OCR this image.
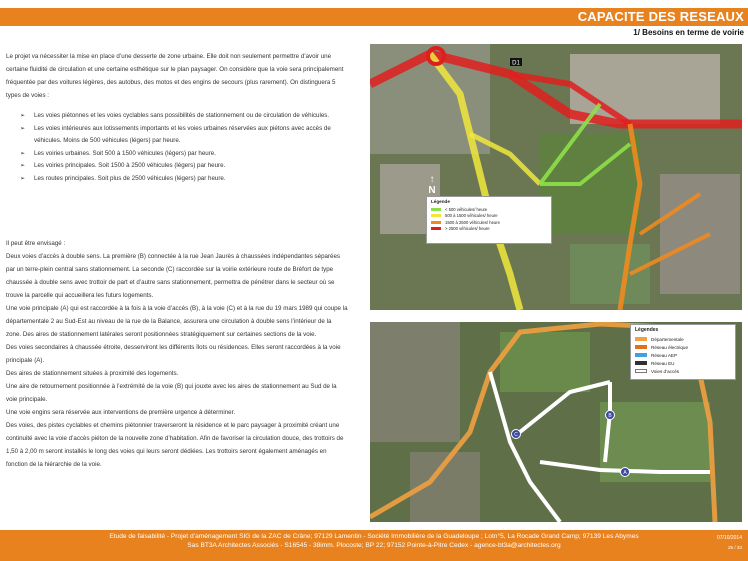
CAPACITE DES RESEAUX
1/ Besoins en terme de voirie

Le projet va nécessiter la mise en place d’une desserte de zone urbaine. Elle doit non seulement permettre d’avoir une certaine fluidité de circulation et une certaine esthétique sur le plan paysager. On considère que la voie sera principalement fréquentée par des voitures légères, des autobus, des motos et des engins de secours (plus rarement). On distinguera 5 types de voies :

➢ Les voies piétonnes et les voies cyclables sans possibilités de stationnement ou de circulation de véhicules.
➢ Les voies intérieures aux lotissements importants et les voies urbaines réservées aux piétons avec accès de véhicules. Moins de 500 véhicules (légers) par heure.
➢ Les voiries urbaines. Soit 500 à 1500 véhicules (légers) par heure.
➢ Les voiries principales. Soit 1500 à 2500 véhicules (légers) par heure.
➢ Les routes principales. Soit plus de 2500 véhicules (légers) par heure.

Il peut être envisagé :

Deux voies d’accès à double sens. La première (B) connectée à la rue Jean Jaurès à chaussées indépendantes séparées par un terre-plein central sans stationnement. La seconde (C) raccordée sur la voirie extérieure route de Bréfort de type chaussée à double sens avec trottoir de part et d’autre sans stationnement, permettra de pénétrer dans le secteur où se trouve la parcelle qui accueillera les futurs logements.

Une voie principale (A) qui est raccordée à la fois à la voie d’accès (B), à la voie (C) et à la rue du 19 mars 1989 qui coupe la départementale 2 au Sud-Est au niveau de la rue de la Balance, assurera une circulation à double sens l’intérieur de la zone. Des aires de stationnement latérales seront positionnées stratégiquement sur certaines sections de la voie.

Des voies secondaires à chaussée étroite, desserviront les différents îlots ou résidences. Elles seront raccordées à la voie principale (A).

Des aires de stationnement situées à proximité des logements.

Une aire de retournement positionnée à l’extrémité de la voie (B) qui jouxte avec les aires de stationnement au Sud de la voie principale.

Une voie engins sera réservée aux interventions de première urgence à déterminer.

Des voies, des pistes cyclables et chemins piétonnier traverseront la résidence et le parc paysager à proximité créant une continuité avec la voie d’accès piéton de la nouvelle zone d’habitation. Afin de favoriser la circulation douce, des trottoirs de 1,50 à 2,00 m seront installés le long des voies qui leurs seront dédiées. Les trottoirs seront également aménagés en fonction de la hiérarchie de la voie.

D1
↑
N
Légende
< 500 véhicules/ heure
500 à 1500 véhicules/ heure
1500 à 2500 véhicules/ heure
> 2500 véhicules/ heure
C
B
A
Légendes
Départementale
Réseau électrique
Réseau AEP
Réseau EU
Voies d’accès
Etude de faisabilité - Projet d’aménagement SIG de la ZAC de Crâne; 97129 Lamentin - Société Immobilière de la Guadeloupe ; Lotn°5, La Rocade Grand Camp; 97139 Les Abymes
Sas BT3A Architectes Associés - S16545 - 38imm. Plocoste; BP 22; 97152 Pointe-à-Pitre Cedex - agence-bt3a@architectes.org
07/10/2014
25 / 33
